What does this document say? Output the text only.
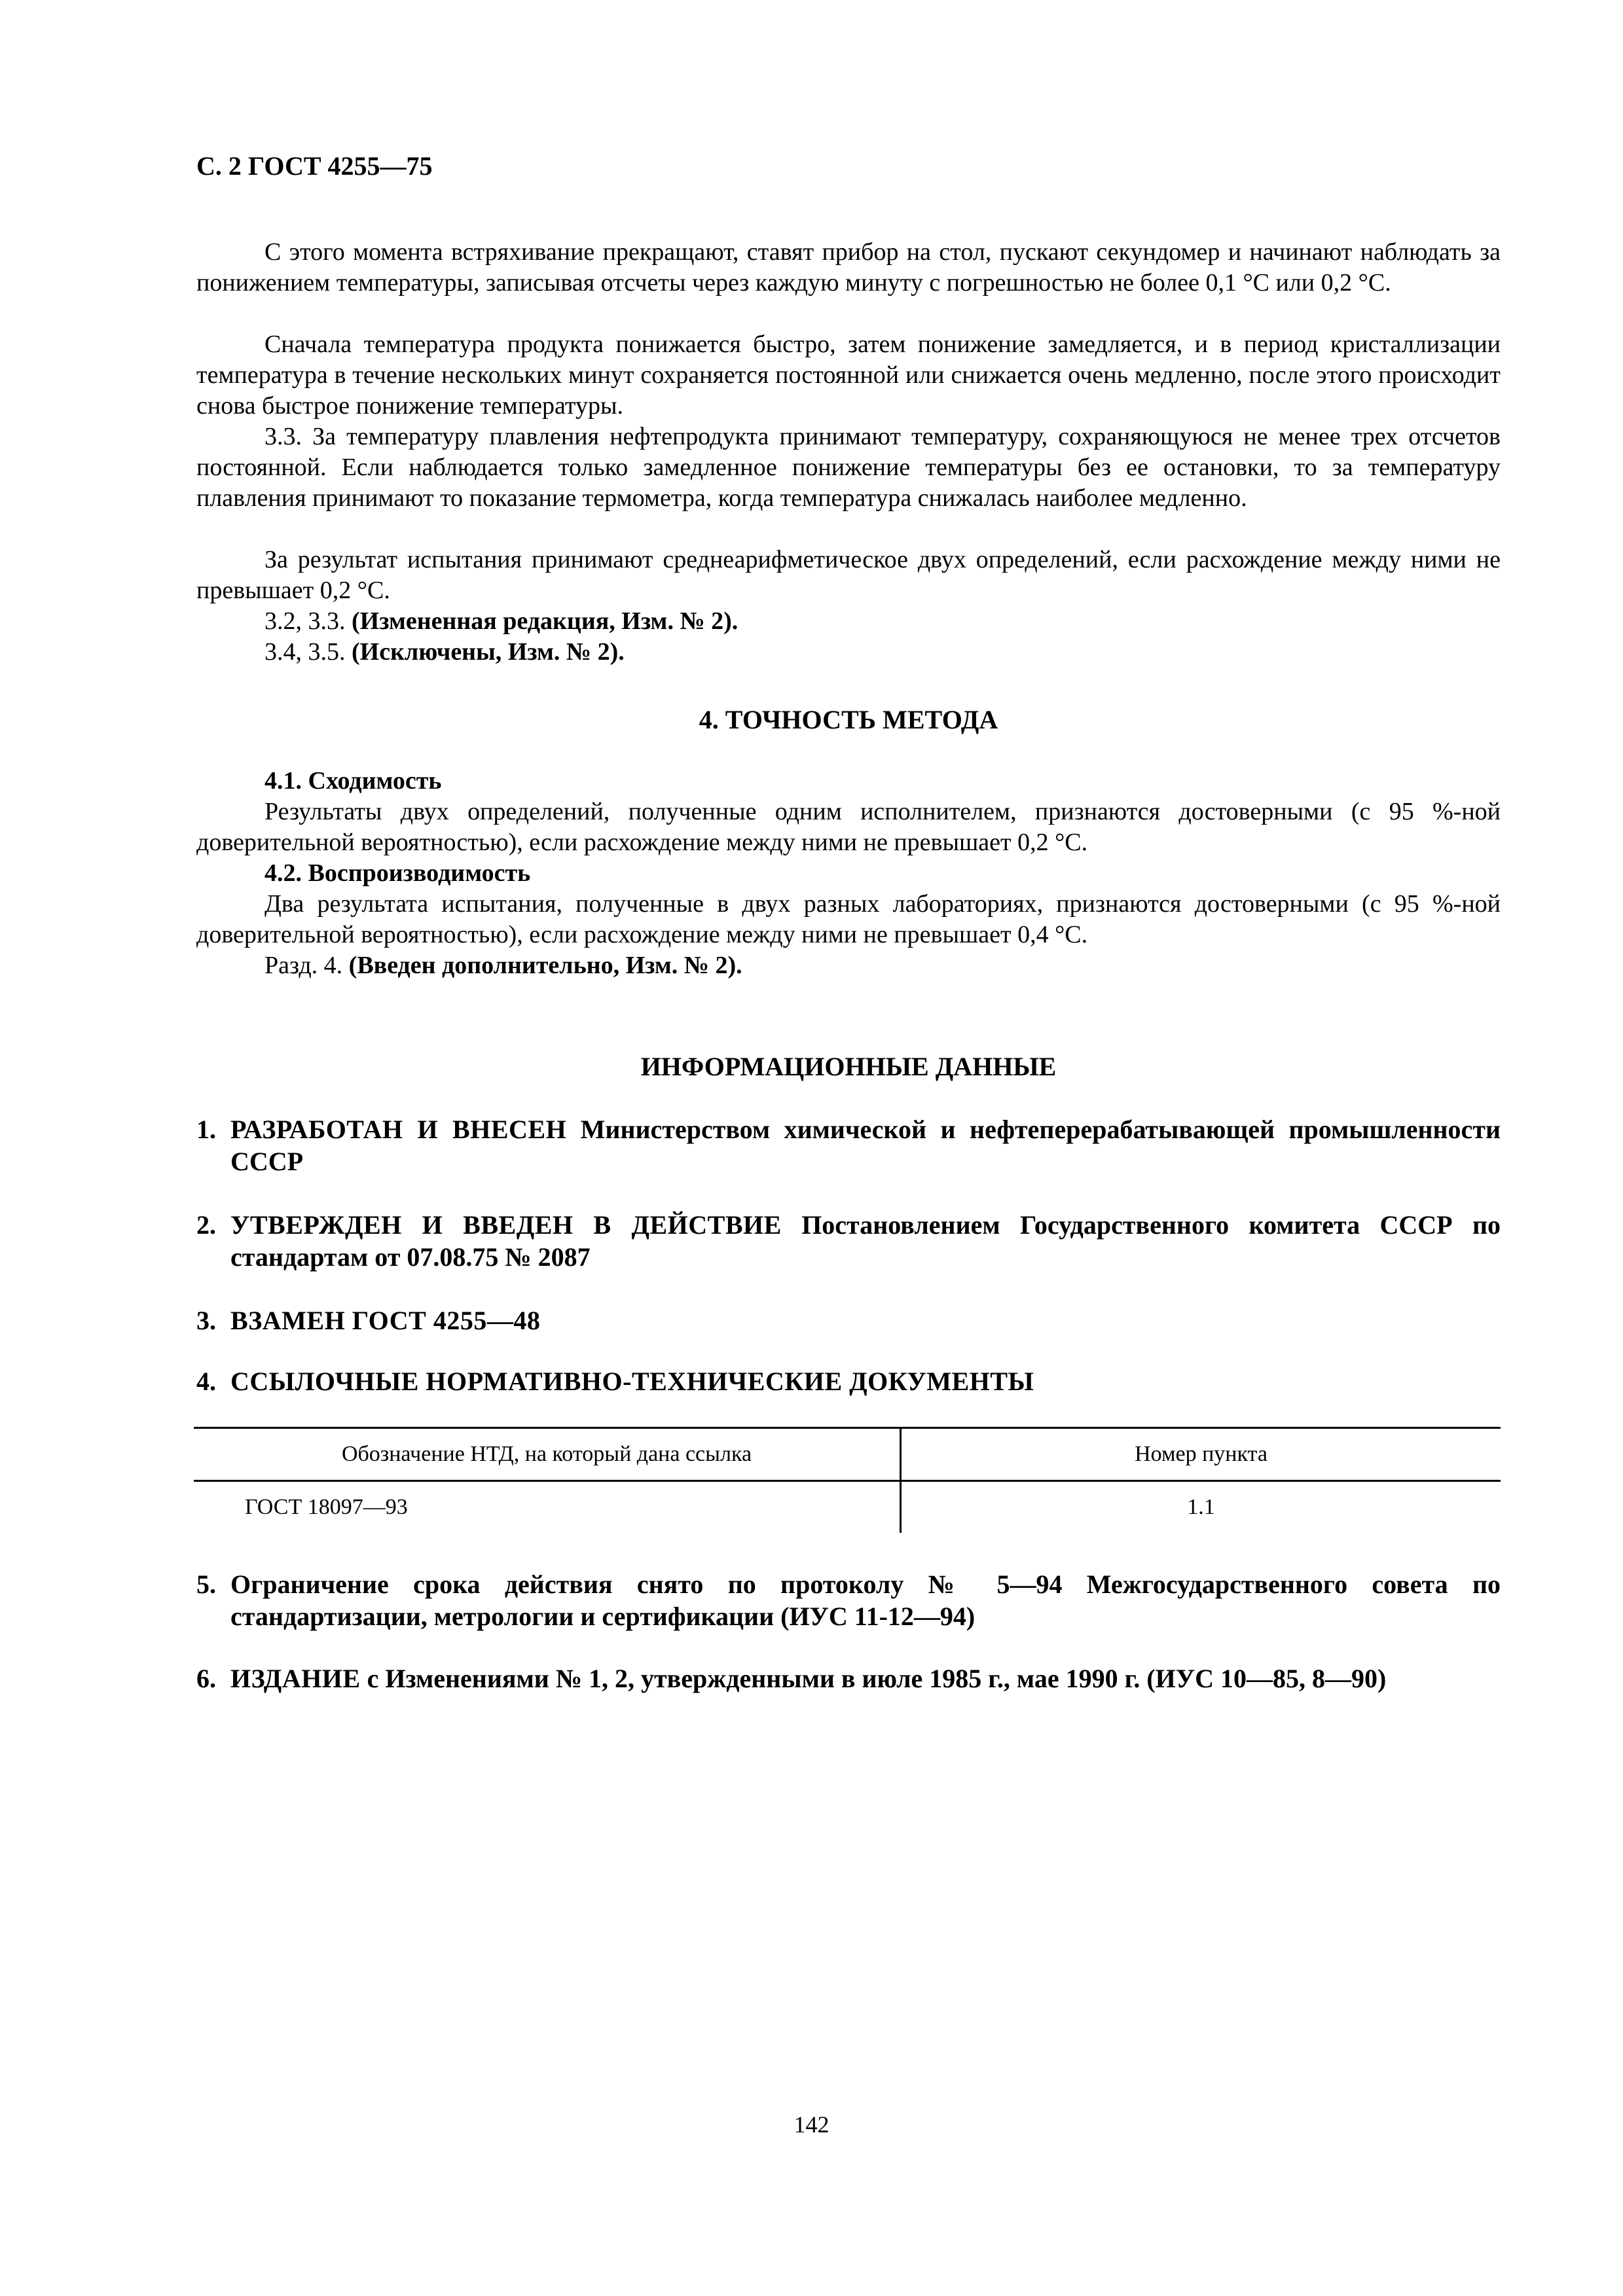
С. 2 ГОСТ 4255—75

С этого момента встряхивание прекращают, ставят прибор на стол, пускают секундомер и начинают наблюдать за понижением температуры, записывая отсчеты через каждую минуту с погрешностью не более 0,1 °С или 0,2 °С.

Сначала температура продукта понижается быстро, затем понижение замедляется, и в период кристаллизации температура в течение нескольких минут сохраняется постоянной или снижается очень медленно, после этого происходит снова быстрое понижение температуры.

3.3. За температуру плавления нефтепродукта принимают температуру, сохраняющуюся не менее трех отсчетов постоянной. Если наблюдается только замедленное понижение температуры без ее остановки, то за температуру плавления принимают то показание термометра, когда температура снижалась наиболее медленно.

За результат испытания принимают среднеарифметическое двух определений, если расхождение между ними не превышает 0,2 °С.

3.2, 3.3. (Измененная редакция, Изм. № 2).

3.4, 3.5. (Исключены, Изм. № 2).

4. ТОЧНОСТЬ МЕТОДА

4.1. Сходимость

Результаты двух определений, полученные одним исполнителем, признаются достоверными (с 95 %-ной доверительной вероятностью), если расхождение между ними не превышает 0,2 °С.

4.2. Воспроизводимость

Два результата испытания, полученные в двух разных лабораториях, признаются достоверными (с 95 %-ной доверительной вероятностью), если расхождение между ними не превышает 0,4 °С.

Разд. 4. (Введен дополнительно, Изм. № 2).

ИНФОРМАЦИОННЫЕ ДАННЫЕ
1. РАЗРАБОТАН И ВНЕСЕН Министерством химической и нефтеперерабатывающей промышленности СССР
2. УТВЕРЖДЕН И ВВЕДЕН В ДЕЙСТВИЕ Постановлением Государственного комитета СССР по стандартам от 07.08.75 № 2087
3. ВЗАМЕН ГОСТ 4255—48
4. ССЫЛОЧНЫЕ НОРМАТИВНО-ТЕХНИЧЕСКИЕ ДОКУМЕНТЫ
Обозначение НТД, на который дана ссылка	Номер пункта
ГОСТ 18097—93	1.1
5. Ограничение срока действия снято по протоколу № 5—94 Межгосударственного совета по стандартизации, метрологии и сертификации (ИУС 11-12—94)
6. ИЗДАНИЕ с Изменениями № 1, 2, утвержденными в июле 1985 г., мае 1990 г. (ИУС 10—85, 8—90)
142
